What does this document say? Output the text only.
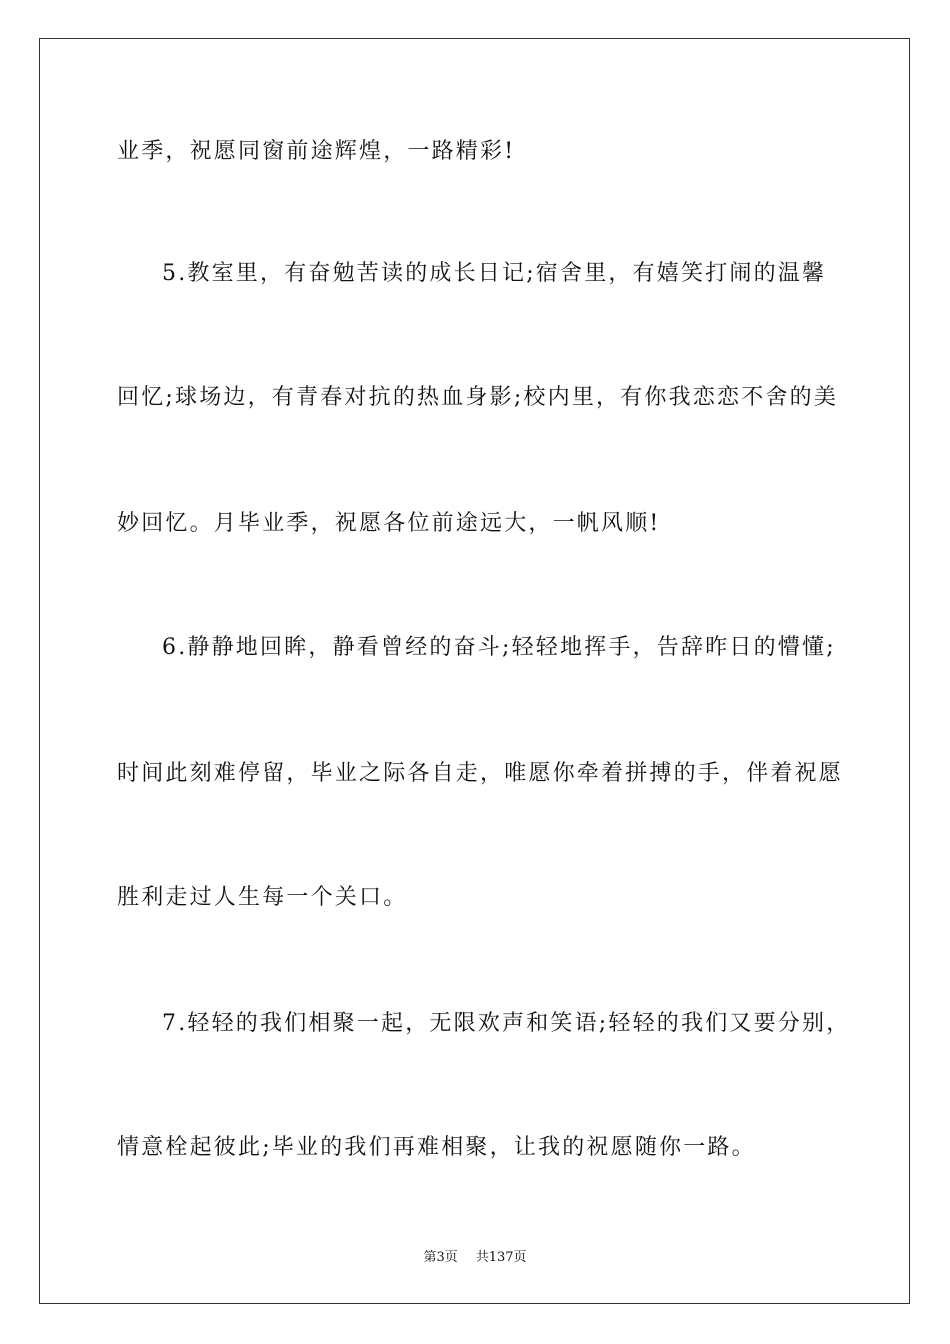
业季，祝愿同窗前途辉煌，一路精彩!
5.教室里，有奋勉苦读的成长日记;宿舍里，有嬉笑打闹的温馨
回忆;球场边，有青春对抗的热血身影;校内里，有你我恋恋不舍的美
妙回忆。月毕业季，祝愿各位前途远大，一帆风顺!
6.静静地回眸，静看曾经的奋斗;轻轻地挥手，告辞昨日的懵懂;
时间此刻难停留，毕业之际各自走，唯愿你牵着拼搏的手，伴着祝愿
胜利走过人生每一个关口。
7.轻轻的我们相聚一起，无限欢声和笑语;轻轻的我们又要分别，
情意栓起彼此;毕业的我们再难相聚，让我的祝愿随你一路。
第3页 共137页
